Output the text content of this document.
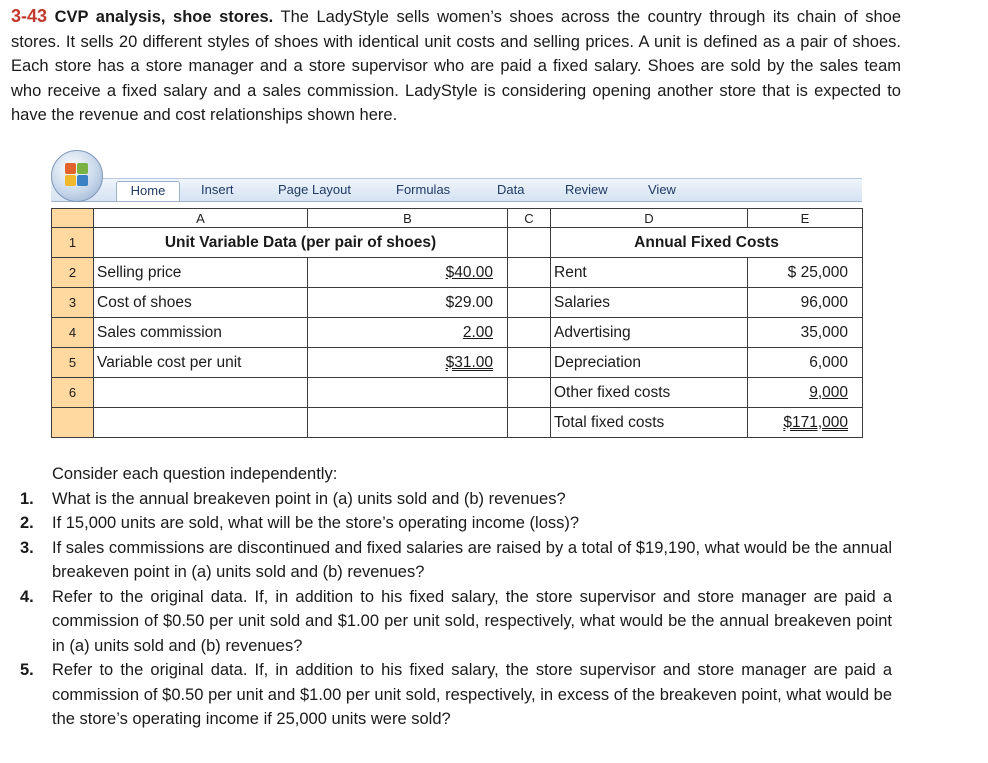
3-43 CVP analysis, shoe stores. The LadyStyle sells women’s shoes across the country through its chain of shoe stores. It sells 20 different styles of shoes with identical unit costs and selling prices. A unit is defined as a pair of shoes. Each store has a store manager and a store supervisor who are paid a fixed salary. Shoes are sold by the sales team who receive a fixed salary and a sales commission. LadyStyle is considering opening another store that is expected to have the revenue and cost relationships shown here.
Home	Insert	Page Layout	Formulas	Data	Review	View
	A	B	C	D	E
1	Unit Variable Data (per pair of shoes)			Annual Fixed Costs	
2	Selling price	$40.00		Rent	$ 25,000
3	Cost of shoes	$29.00		Salaries	96,000
4	Sales commission	2.00		Advertising	35,000
5	Variable cost per unit	$31.00		Depreciation	6,000
6				Other fixed costs	9,000
				Total fixed costs	$171,000
Consider each question independently:
1.	What is the annual breakeven point in (a) units sold and (b) revenues?
2.	If 15,000 units are sold, what will be the store’s operating income (loss)?
3.	If sales commissions are discontinued and fixed salaries are raised by a total of $19,190, what would be the annual breakeven point in (a) units sold and (b) revenues?
4.	Refer to the original data. If, in addition to his fixed salary, the store supervisor and store manager are paid a commission of $0.50 per unit sold and $1.00 per unit sold, respectively, what would be the annual breakeven point in (a) units sold and (b) revenues?
5.	Refer to the original data. If, in addition to his fixed salary, the store supervisor and store manager are paid a commission of $0.50 per unit and $1.00 per unit sold, respectively, in excess of the breakeven point, what would be the store’s operating income if 25,000 units were sold?
